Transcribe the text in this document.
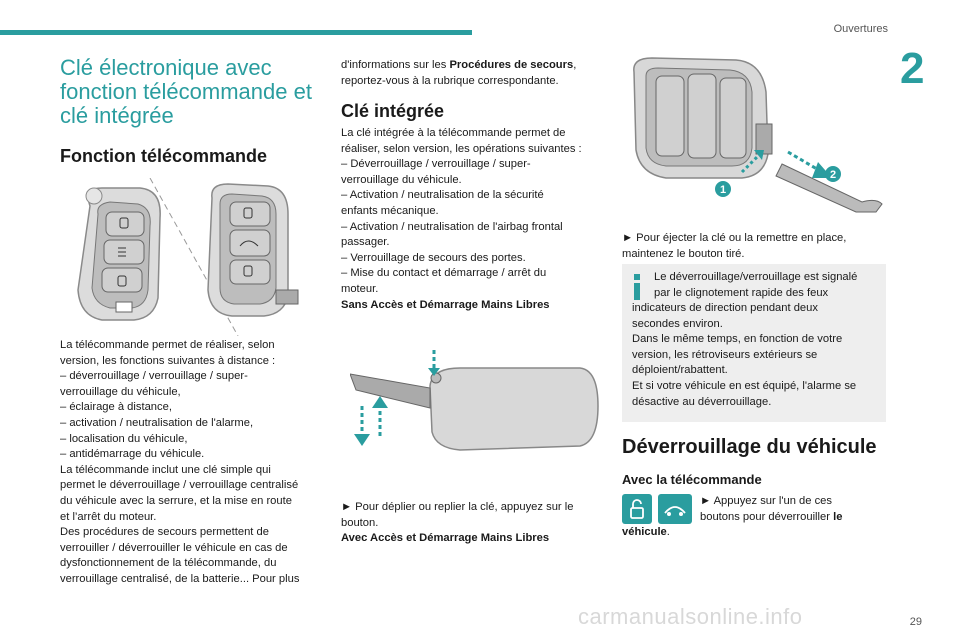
Ouvertures
2
Clé électronique avec fonction télécommande et clé intégrée
Fonction télécommande

La télécommande permet de réaliser, selon

version, les fonctions suivantes à distance :

– déverrouillage / verrouillage / super-

verrouillage du véhicule,

– éclairage à distance,

– activation / neutralisation de l'alarme,

– localisation du véhicule,

– antidémarrage du véhicule.

La télécommande inclut une clé simple qui

permet le déverrouillage / verrouillage centralisé

du véhicule avec la serrure, et la mise en route

et l’arrêt du moteur.

Des procédures de secours permettent de

verrouiller / déverrouiller le véhicule en cas de

dysfonctionnement de la télécommande, du

verrouillage centralisé, de la batterie... Pour plus

d'informations sur les Procédures de secours,

reportez-vous à la rubrique correspondante.

Clé intégrée

La clé intégrée à la télécommande permet de

réaliser, selon version, les opérations suivantes :

– Déverrouillage / verrouillage / super-

verrouillage du véhicule.

– Activation / neutralisation de la sécurité

enfants mécanique.

– Activation / neutralisation de l'airbag frontal

passager.

– Verrouillage de secours des portes.

– Mise du contact et démarrage / arrêt du

moteur.

Sans Accès et Démarrage Mains Libres

► Pour déplier ou replier la clé, appuyez sur le

bouton.

Avec Accès et Démarrage Mains Libres

1
2

► Pour éjecter la clé ou la remettre en place,

maintenez le bouton tiré.

Le déverrouillage/verrouillage est signalé

par le clignotement rapide des feux

indicateurs de direction pendant deux

secondes environ.

Dans le même temps, en fonction de votre

version, les rétroviseurs extérieurs se

déploient/rabattent.

Et si votre véhicule en est équipé, l'alarme se

désactive au déverrouillage.

Déverrouillage du véhicule
Avec la télécommande

► Appuyez sur l'un de ces

boutons pour déverrouiller le

véhicule.

carmanualsonline.info	29
